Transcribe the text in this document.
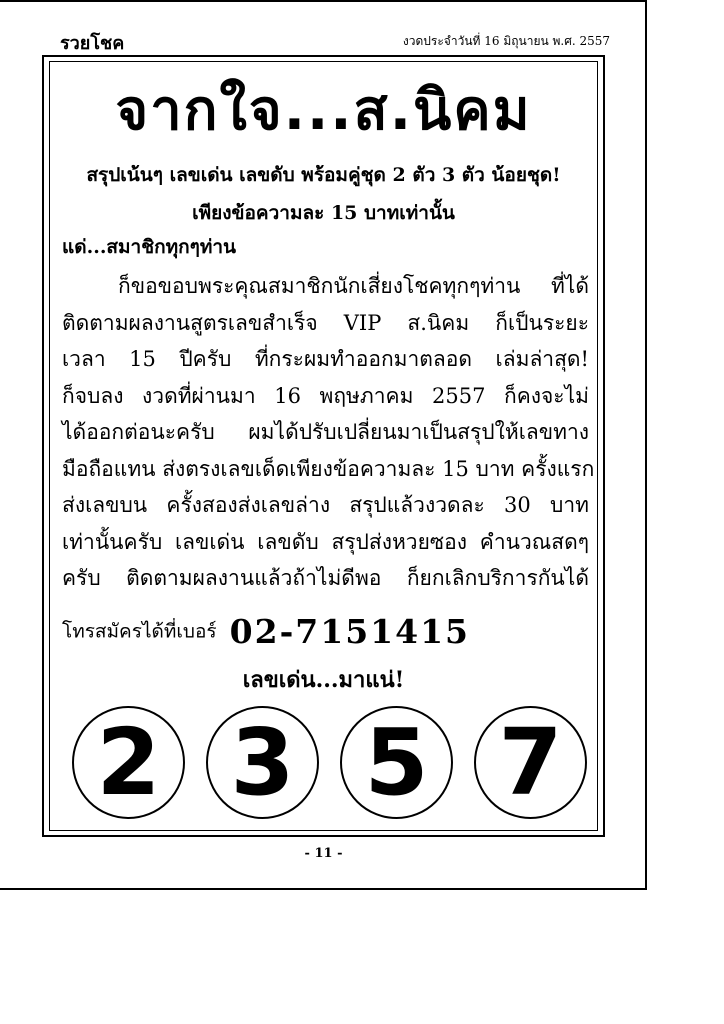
รวยโชค	งวดประจำวันที่ 16 มิถุนายน พ.ศ. 2557
จากใจ...ส.นิคม
สรุปเน้นๆ เลขเด่น เลขดับ พร้อมคู่ชุด 2 ตัว 3 ตัว น้อยชุด!
เพียงข้อความละ 15 บาทเท่านั้น
แด่...สมาชิกทุกๆท่าน
ก็ขอขอบพระคุณสมาชิกนักเสี่ยงโชคทุกๆท่าน ที่ได้
ติดตามผลงานสูตรเลขสำเร็จ VIP ส.นิคม ก็เป็นระยะ
เวลา 15 ปีครับ ที่กระผมทำออกมาตลอด เล่มล่าสุด!
ก็จบลง งวดที่ผ่านมา 16 พฤษภาคม 2557 ก็คงจะไม่
ได้ออกต่อนะครับ ผมได้ปรับเปลี่ยนมาเป็นสรุปให้เลขทาง
มือถือแทน ส่งตรงเลขเด็ดเพียงข้อความละ 15 บาท ครั้งแรก
ส่งเลขบน ครั้งสองส่งเลขล่าง สรุปแล้วงวดละ 30 บาท
เท่านั้นครับ เลขเด่น เลขดับ สรุปส่งหวยซอง คำนวณสดๆ
ครับ ติดตามผลงานแล้วถ้าไม่ดีพอ ก็ยกเลิกบริการกันได้
โทรสมัครได้ที่เบอร์ 02-7151415
เลขเด่น...มาแน่!
2 3 5 7
- 11 -
